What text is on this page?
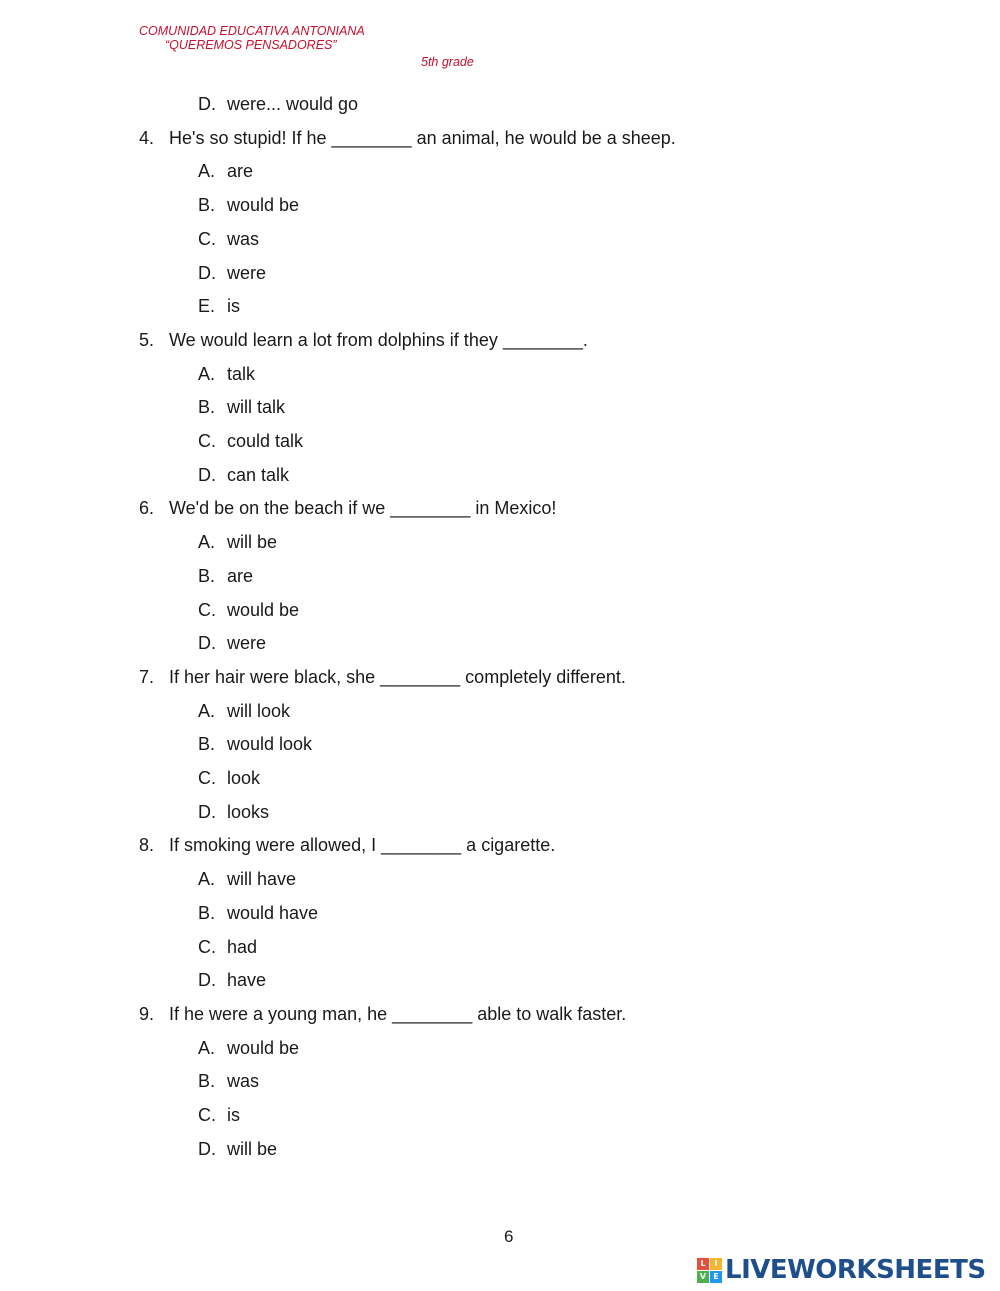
COMUNIDAD EDUCATIVA ANTONIANA
“QUEREMOS PENSADORES”
5th grade
D. were... would go
4. He's so stupid! If he ________ an animal, he would be a sheep.
A. are
B. would be
C. was
D. were
E. is
5. We would learn a lot from dolphins if they ________.
A. talk
B. will talk
C. could talk
D. can talk
6. We'd be on the beach if we ________ in Mexico!
A. will be
B. are
C. would be
D. were
7. If her hair were black, she ________ completely different.
A. will look
B. would look
C. look
D. looks
8. If smoking were allowed, I ________ a cigarette.
A. will have
B. would have
C. had
D. have
9. If he were a young man, he ________ able to walk faster.
A. would be
B. was
C. is
D. will be
6
L	I
V E LIVEWORKSHEETS
